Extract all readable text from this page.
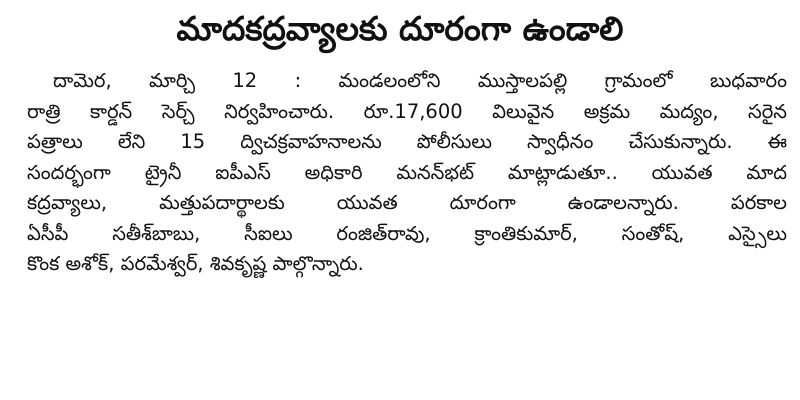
మాదకద్రవ్యాలకు దూరంగా ఉండాలి
దామెర, మార్చి 12 : మండలంలోని ముస్తాలపల్లి గ్రామంలో బుధవారం
రాత్రి కార్డన్ సెర్చ్ నిర్వహించారు. రూ.17,600 విలువైన అక్రమ మద్యం, సరైన
పత్రాలు లేని 15 ద్విచక్రవాహనాలను పోలీసులు స్వాధీనం చేసుకున్నారు. ఈ
సందర్భంగా ట్రైనీ ఐపీఎస్ అధికారి మనన్‌భట్ మాట్లాడుతూ.. యువత మాద
కద్రవ్యాలు, మత్తుపదార్థాలకు యువత దూరంగా ఉండాలన్నారు. పరకాల
ఏసీపీ సతీశ్‌బాబు, సీఐలు రంజిత్‌రావు, క్రాంతికుమార్, సంతోష్, ఎస్సైలు
కొంక అశోక్, పరమేశ్వర్, శివకృష్ణ పాల్గొన్నారు.
